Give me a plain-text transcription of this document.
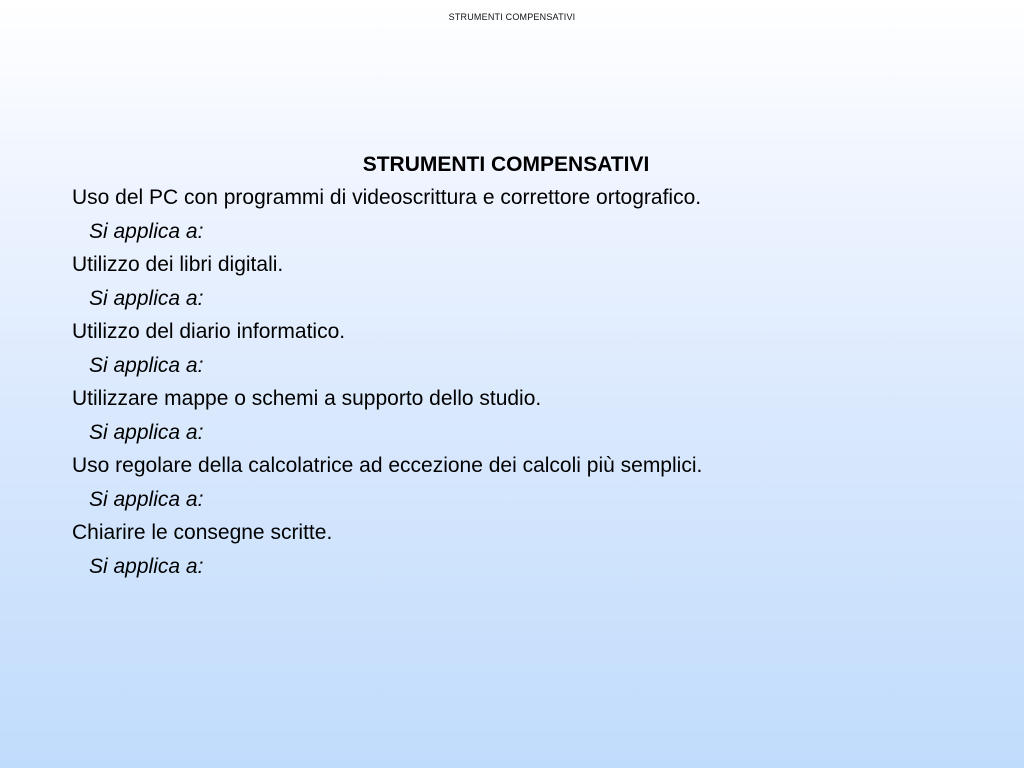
STRUMENTI COMPENSATIVI
STRUMENTI COMPENSATIVI
Uso del PC con programmi di videoscrittura e correttore ortografico.
Si applica a:
Utilizzo dei libri digitali.
Si applica a:
Utilizzo del diario informatico.
Si applica a:
Utilizzare mappe o schemi a supporto dello studio.
Si applica a:
Uso regolare della calcolatrice ad eccezione dei calcoli più semplici.
Si applica a:
Chiarire le consegne scritte.
Si applica a:
